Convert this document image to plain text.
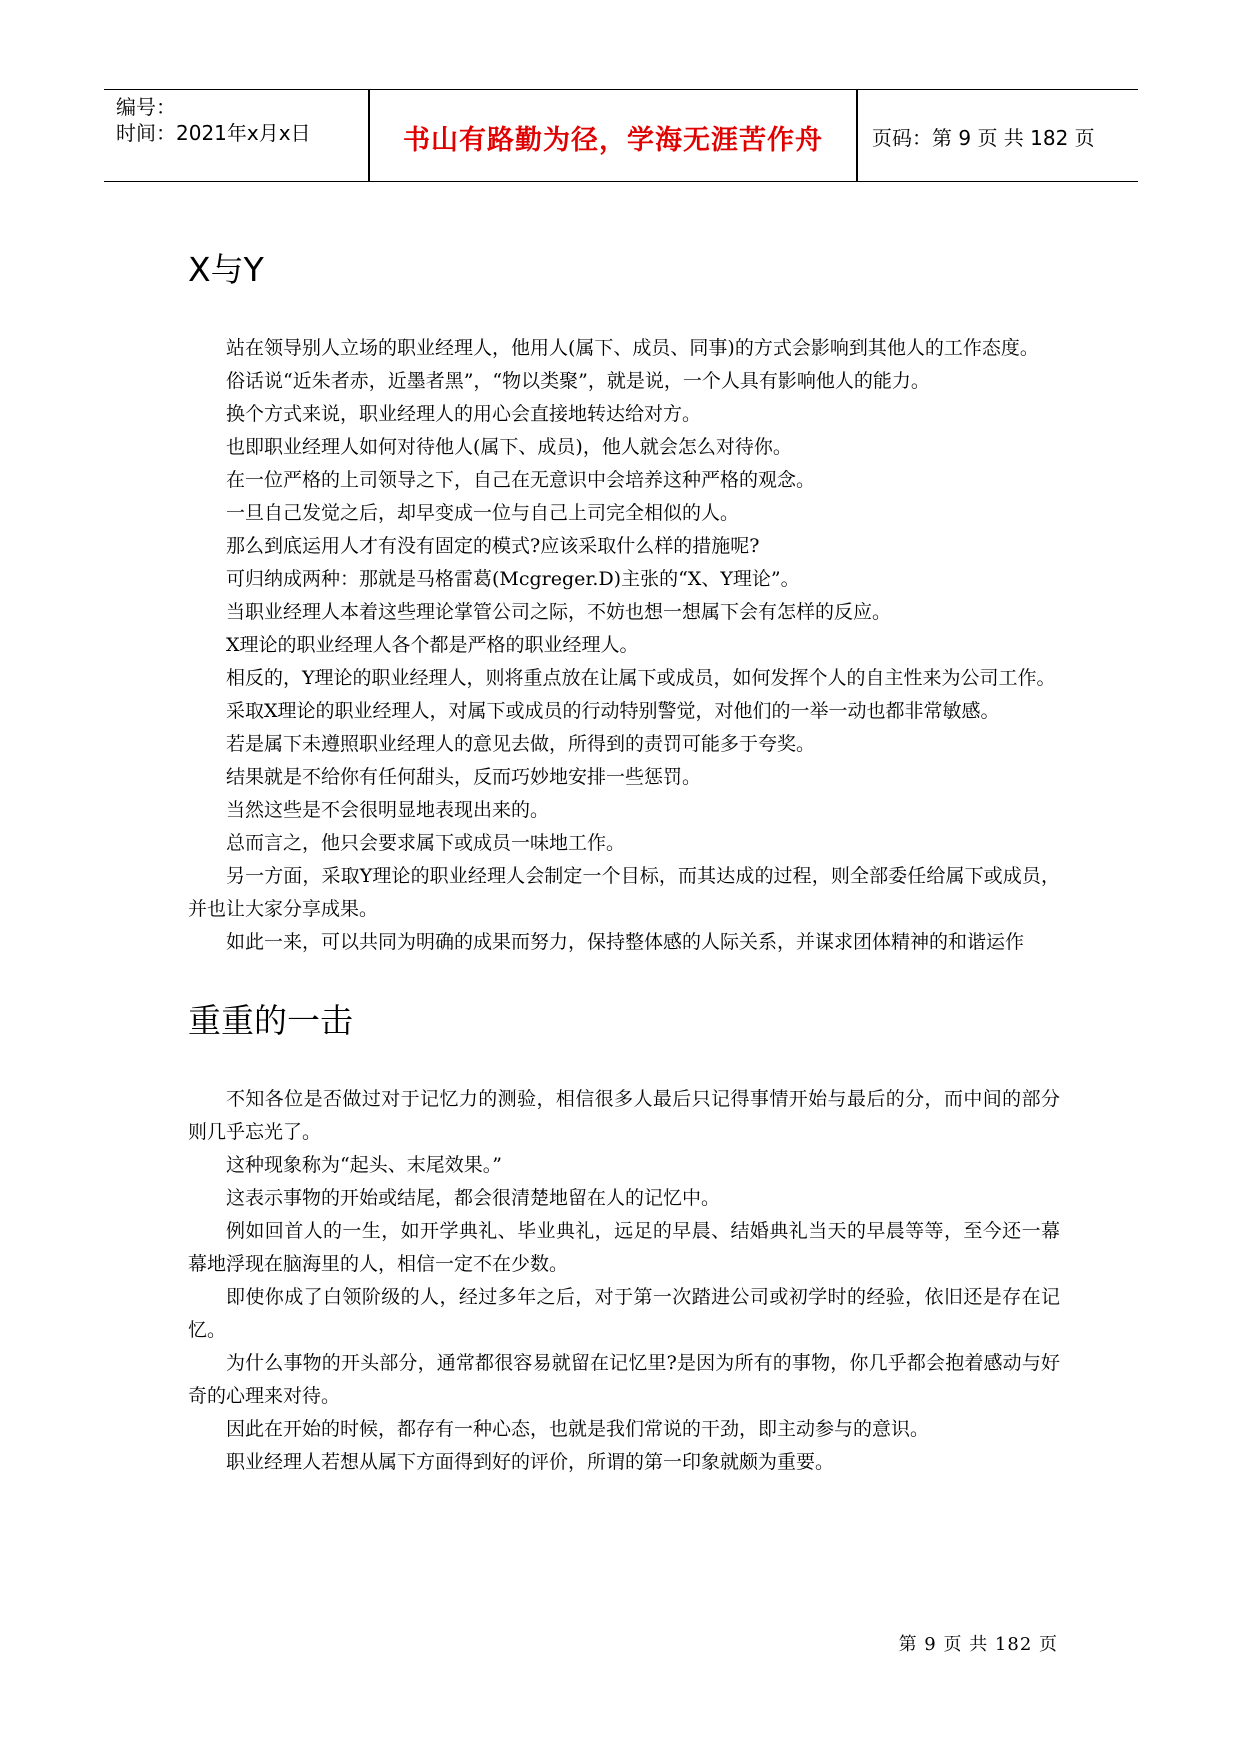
编号：
时间：2021年x月x日	书山有路勤为径，学海无涯苦作舟	页码：第 9 页 共 182 页
X与Y

站在领导别人立场的职业经理人，他用人(属下、成员、同事)的方式会影响到其他人的工作态度。

俗话说“近朱者赤，近墨者黑”，“物以类聚”，就是说，一个人具有影响他人的能力。

换个方式来说，职业经理人的用心会直接地转达给对方。

也即职业经理人如何对待他人(属下、成员)，他人就会怎么对待你。

在一位严格的上司领导之下，自己在无意识中会培养这种严格的观念。

一旦自己发觉之后，却早变成一位与自己上司完全相似的人。

那么到底运用人才有没有固定的模式?应该采取什么样的措施呢?

可归纳成两种：那就是马格雷葛(Mcgreger.D)主张的“X、Y理论”。

当职业经理人本着这些理论掌管公司之际，不妨也想一想属下会有怎样的反应。

X理论的职业经理人各个都是严格的职业经理人。

相反的，Y理论的职业经理人，则将重点放在让属下或成员，如何发挥个人的自主性来为公司工作。

采取X理论的职业经理人，对属下或成员的行动特别警觉，对他们的一举一动也都非常敏感。

若是属下未遵照职业经理人的意见去做，所得到的责罚可能多于夸奖。

结果就是不给你有任何甜头，反而巧妙地安排一些惩罚。

当然这些是不会很明显地表现出来的。

总而言之，他只会要求属下或成员一味地工作。

另一方面，采取Y理论的职业经理人会制定一个目标，而其达成的过程，则全部委任给属下或成员，并也让大家分享成果。

如此一来，可以共同为明确的成果而努力，保持整体感的人际关系，并谋求团体精神的和谐运作

重重的一击

不知各位是否做过对于记忆力的测验，相信很多人最后只记得事情开始与最后的分，而中间的部分则几乎忘光了。

这种现象称为“起头、末尾效果。”

这表示事物的开始或结尾，都会很清楚地留在人的记忆中。

例如回首人的一生，如开学典礼、毕业典礼，远足的早晨、结婚典礼当天的早晨等等，至今还一幕幕地浮现在脑海里的人，相信一定不在少数。

即使你成了白领阶级的人，经过多年之后，对于第一次踏进公司或初学时的经验，依旧还是存在记忆。

为什么事物的开头部分，通常都很容易就留在记忆里?是因为所有的事物，你几乎都会抱着感动与好奇的心理来对待。

因此在开始的时候，都存有一种心态，也就是我们常说的干劲，即主动参与的意识。

职业经理人若想从属下方面得到好的评价，所谓的第一印象就颇为重要。

第 9 页 共 182 页
